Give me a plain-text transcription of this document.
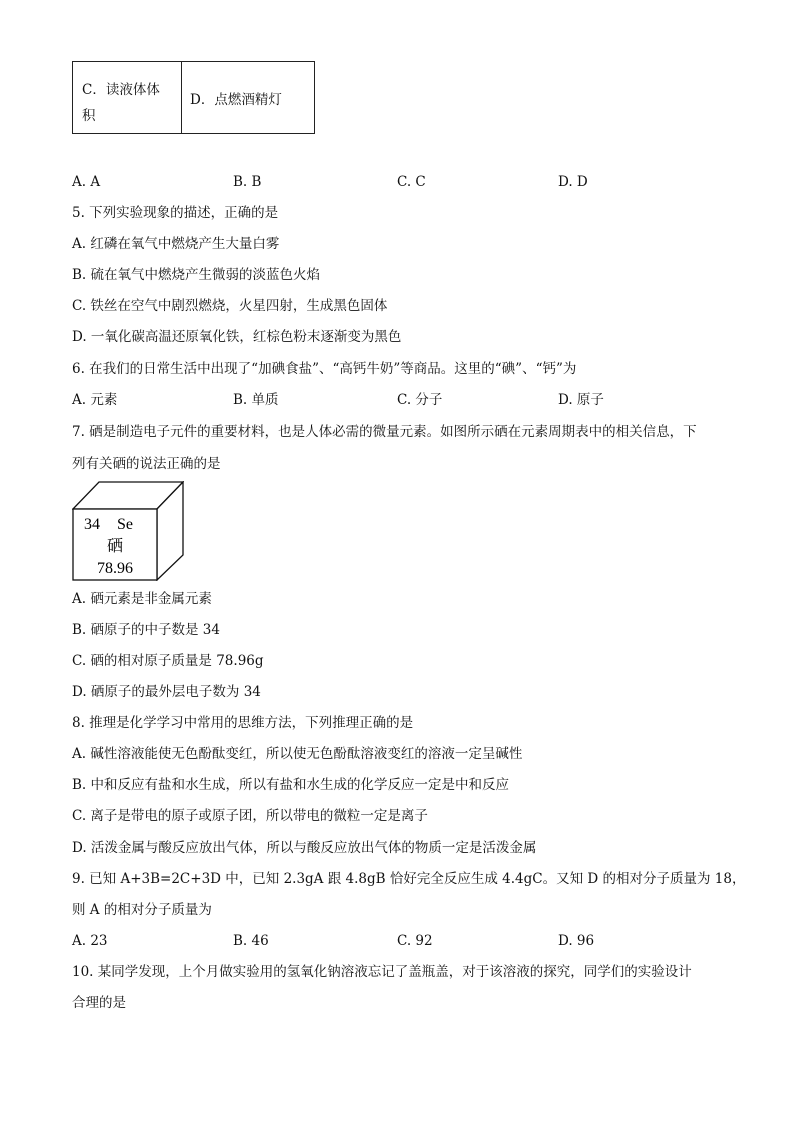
C．读液体体积

D．点燃酒精灯
A. A	B. B	C. C	D. D
5. 下列实验现象的描述，正确的是
A. 红磷在氧气中燃烧产生大量白雾
B. 硫在氧气中燃烧产生微弱的淡蓝色火焰
C. 铁丝在空气中剧烈燃烧，火星四射，生成黑色固体
D. 一氧化碳高温还原氧化铁，红棕色粉末逐渐变为黑色
6. 在我们的日常生活中出现了“加碘食盐”、“高钙牛奶”等商品。这里的“碘”、“钙”为
A. 元素	B. 单质	C. 分子	D. 原子
7. 硒是制造电子元件的重要材料，也是人体必需的微量元素。如图所示硒在元素周期表中的相关信息，下
列有关硒的说法正确的是
34 Se
硒
78.96
A. 硒元素是非金属元素
B. 硒原子的中子数是 34
C. 硒的相对原子质量是 78.96g
D. 硒原子的最外层电子数为 34
8. 推理是化学学习中常用的思维方法，下列推理正确的是
A. 碱性溶液能使无色酚酞变红，所以使无色酚酞溶液变红的溶液一定呈碱性
B. 中和反应有盐和水生成，所以有盐和水生成的化学反应一定是中和反应
C. 离子是带电的原子或原子团，所以带电的微粒一定是离子
D. 活泼金属与酸反应放出气体，所以与酸反应放出气体的物质一定是活泼金属
9. 已知 A+3B=2C+3D 中，已知 2.3gA 跟 4.8gB 恰好完全反应生成 4.4gC。又知 D 的相对分子质量为 18，
则 A 的相对分子质量为
A. 23	B. 46	C. 92	D. 96
10. 某同学发现，上个月做实验用的氢氧化钠溶液忘记了盖瓶盖，对于该溶液的探究，同学们的实验设计
合理的是
